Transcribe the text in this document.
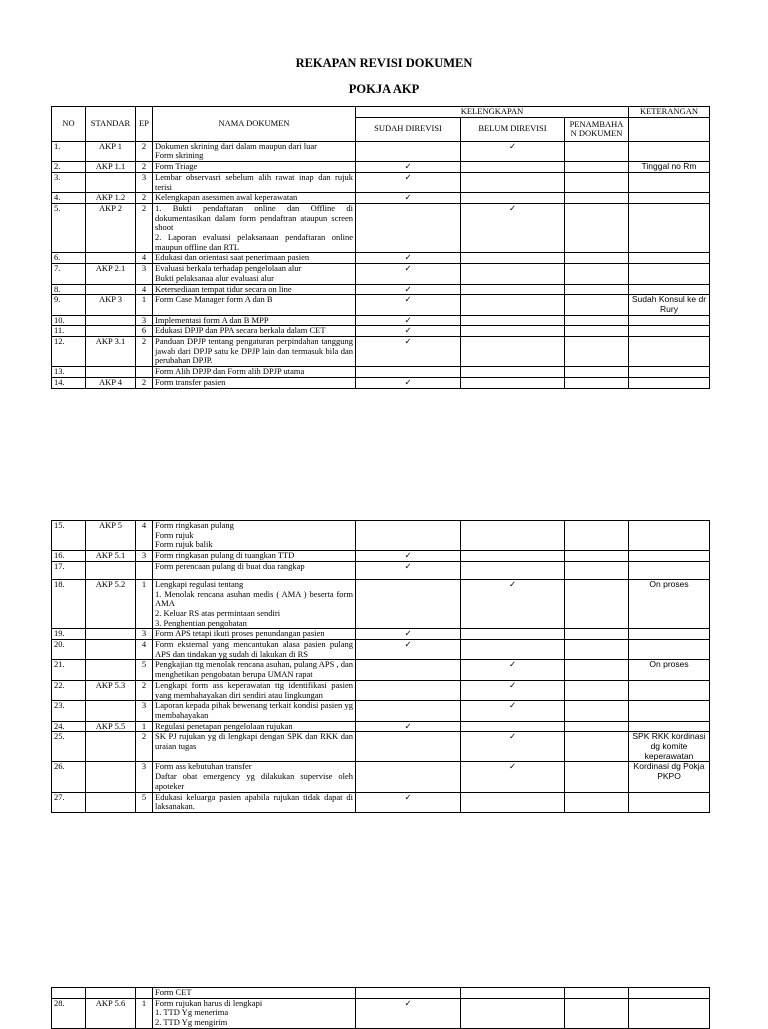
REKAPAN REVISI DOKUMEN
POKJA AKP
NO	STANDAR	EP	NAMA DOKUMEN	KELENGKAPAN			KETERANGAN
				SUDAH DIREVISI	BELUM DIREVISI	PENAMBAHA N DOKUMEN	
1.	AKP 1	2	Dokumen skrining dari dalam maupun dari luar
Form skrining		✓		
2.	AKP 1.1	2	Form Triage	✓			Tinggal no Rm
3.		3	Lembar observasri sebelum alih rawat inap dan rujuk terisi	✓			
4.	AKP 1.2	2	Kelengkapan asessmen awal keperawatan	✓			
5.	AKP 2	2	1. Bukti pendaftaran online dan Offline di dokumentasikan dalam form pendaftran ataupun screen shoot
2. Laporan evaluasi pelaksanaan pendaftaran online maupun offline dan RTL		✓		
6.		4	Edukasi dan orientasi saat penerimaan pasien	✓			
7.	AKP 2.1	3	Evaluasi berkala terhadap pengelolaan alur
Bukti pelaksanaa alur evaluasi alur	✓			
8.		4	Ketersediaan tempat tidur secara on line	✓			
9.	AKP 3	1	Form Case Manager form A dan B	✓			Sudah Konsul ke dr Rury
10.		3	Implementasi form A dan B MPP	✓			
11.		6	Edukasi DPJP dan PPA secara berkala dalam CET	✓			
12.	AKP 3.1	2	Panduan DPJP tentang pengaturan perpindahan tanggung jawab dari DPJP satu ke DPJP lain dan termasuk bila dan perubahan DPJP.	✓			
13.			Form Alih DPJP dan Form alih DPJP utama				

14.	AKP 4	2	Form transfer pasien	✓			
15.	AKP 5	4	Form ringkasan pulang
Form rujuk
Form rujuk balik				

16.	AKP 5.1	3	Form ringkasan pulang di tuangkan TTD	✓			
17.			Form perencaan pulang di buat dua rangkap	✓			
18.	AKP 5.2	1	Lengkapi regulasi tentang
1. Menolak rencana asuhan medis ( AMA ) beserta form AMA
2. Keluar RS atas permintaan sendiri
3. Penghentian pengobatan		✓		On proses
19.		3	Form APS tetapi ikuti proses penundangan pasien	✓			
20.		4	Form eksternal yang mencantukan alasa pasien pulang APS dan tindakan yg sudah di lakukan di RS	✓			
21.		5	Pengkajian ttg menolak rencana asuhan, pulang APS , dan menghetikan pengobatan berupa UMAN rapat		✓		On proses
22.	AKP 5.3	2	Lengkapi form ass keperawatan ttg identifikasi pasien yang membahayakan diri sendiri atau lingkungan		✓		
23.		3	Laporan kepada pihak bewenang terkait kondisi pasien yg membahayakan		✓		
24.	AKP 5.5	1	Regulasi penetapan pengelolaan rujukan	✓			
25.		2	SK PJ rujukan yg di lengkapi dengan SPK dan RKK dan uraian tugas		✓		SPK RKK kordinasi dg komite keperawatan
26.		3	Form ass kebutuhan transfer
Daftar obat emergency yg dilakukan supervise oleh apoteker		✓		Kordinasi dg Pokja PKPO
27.		5	Edukasi keluarga pasien apabila rujukan tidak dapat di laksanakan.	✓			

			Form CET				

28.	AKP 5.6	1	Form rujukan harus di lengkapi
1. TTD Yg menerima
2. TTD Yg mengirim	✓			
